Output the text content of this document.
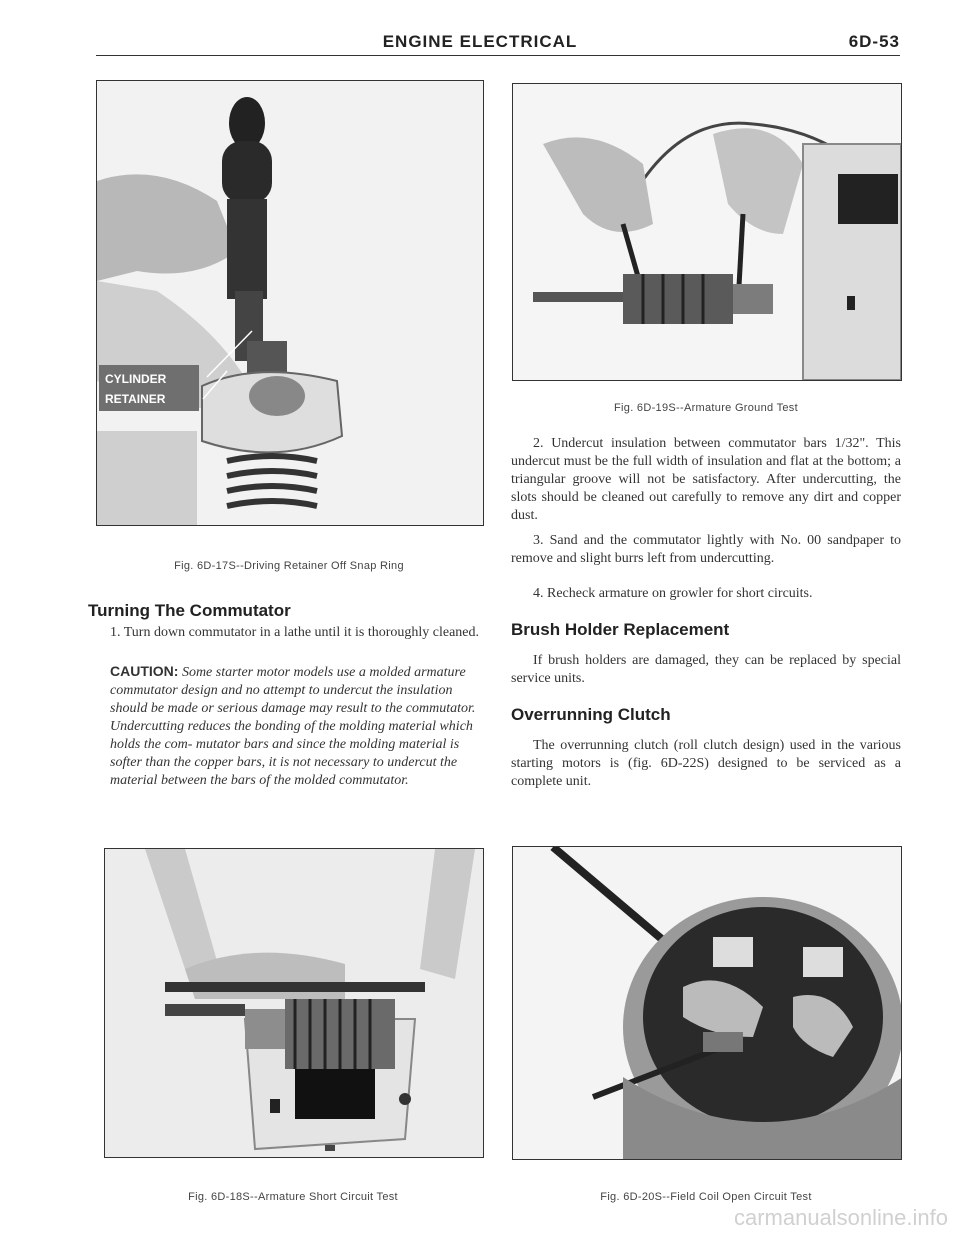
ENGINE ELECTRICAL	6D-53
CYLINDER
RETAINER
Fig. 6D-17S--Driving Retainer Off Snap Ring
Turning The Commutator
1. Turn down commutator in a lathe until it is thoroughly cleaned.
CAUTION: Some starter motor models use a molded armature commutator design and no attempt to undercut the insulation should be made or serious damage may result to the commutator. Undercutting reduces the bonding of the molding material which holds the com- mutator bars and since the molding material is softer than the copper bars, it is not necessary to undercut the material between the bars of the molded commutator.
Fig. 6D-18S--Armature Short Circuit Test
Fig. 6D-19S--Armature Ground Test
2. Undercut insulation between commutator bars 1/32". This undercut must be the full width of insulation and flat at the bottom; a triangular groove will not be satisfactory. After undercutting, the slots should be cleaned out carefully to remove any dirt and copper dust.
3. Sand and the commutator lightly with No. 00 sandpaper to remove and slight burrs left from undercutting.
4. Recheck armature on growler for short circuits.
Brush Holder Replacement
If brush holders are damaged, they can be replaced by special service units.
Overrunning Clutch
The overrunning clutch (roll clutch design) used in the various starting motors is (fig. 6D-22S) designed to be serviced as a complete unit.
Fig. 6D-20S--Field Coil Open Circuit Test
carmanualsonline.info
